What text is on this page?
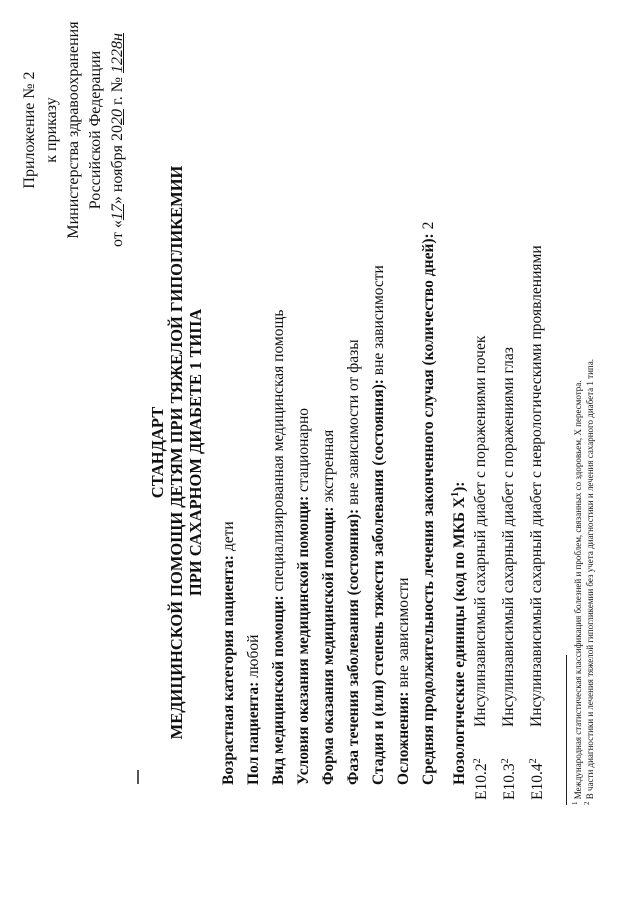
Приложение № 2 к приказу Министерства здравоохранения Российской Федерации
от «17» ноября 2020 г. № 1228н
СТАНДАРТ МЕДИЦИНСКОЙ ПОМОЩИ ДЕТЯМ ПРИ ТЯЖЕЛОЙ ГИПОГЛИКЕМИИ ПРИ САХАРНОМ ДИАБЕТЕ 1 ТИПА
Возрастная категория пациента: дети
Пол пациента: любой Вид медицинской помощи: специализированная медицинская помощь
Условия оказания медицинской помощи: стационарно
Форма оказания медицинской помощи: экстренная
Фаза течения заболевания (состояния): вне зависимости от фазы Стадия и (или) степень тяжести заболевания (состояния): вне зависимости
Осложнения: вне зависимости Средняя продолжительность лечения законченного случая (количество дней): 2
Нозологические единицы (код по МКБ $X^1$):
E10.2$^2$
Инсулинзависимый сахарный диабет с поражениями почек
E10.3$^2$
Инсулинзависимый сахарный диабет с поражениями глаз
E10.4$^2$
Инсулинзависимый сахарный диабет с неврологическими проявлениями
$^1$ Международная статистическая классификация болезней и проблем, связанных со здоровьем, X пересмотра.
$^2$ В части диагностики и лечения тяжелой гипогликемии без учета диагностики и лечения сахарного диабета 1 типа.
